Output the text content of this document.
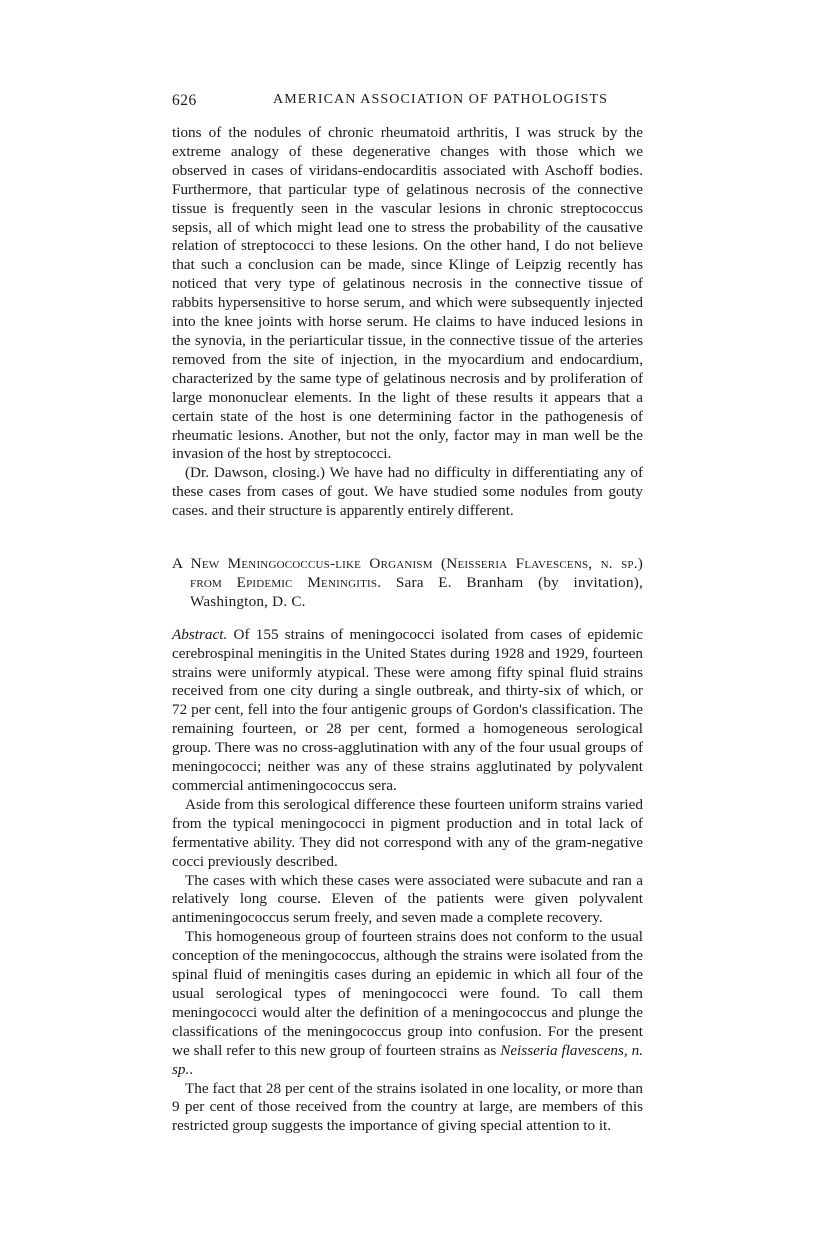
626	AMERICAN ASSOCIATION OF PATHOLOGISTS

tions of the nodules of chronic rheumatoid arthritis, I was struck by the extreme analogy of these degenerative changes with those which we observed in cases of viridans-endocarditis associated with Aschoff bodies. Furthermore, that particular type of gelatinous necrosis of the connective tissue is frequently seen in the vascular lesions in chronic streptococcus sepsis, all of which might lead one to stress the probability of the causative relation of streptococci to these lesions. On the other hand, I do not believe that such a conclusion can be made, since Klinge of Leipzig recently has noticed that very type of gelatinous necrosis in the connective tissue of rabbits hypersensitive to horse serum, and which were subsequently injected into the knee joints with horse serum. He claims to have induced lesions in the synovia, in the periarticular tissue, in the connective tissue of the arteries removed from the site of injection, in the myocardium and endocardium, characterized by the same type of gelatinous necrosis and by proliferation of large mononuclear elements. In the light of these results it appears that a certain state of the host is one determining factor in the pathogenesis of rheumatic lesions. Another, but not the only, factor may in man well be the invasion of the host by streptococci.

(Dr. Dawson, closing.) We have had no difficulty in differentiating any of these cases from cases of gout. We have studied some nodules from gouty cases. and their structure is apparently entirely different.

A New Meningococcus-like Organism (Neisseria Flavescens, n. sp.) from Epidemic Meningitis. Sara E. Branham (by invitation), Washington, D. C.

Abstract. Of 155 strains of meningococci isolated from cases of epidemic cerebrospinal meningitis in the United States during 1928 and 1929, fourteen strains were uniformly atypical. These were among fifty spinal fluid strains received from one city during a single outbreak, and thirty-six of which, or 72 per cent, fell into the four antigenic groups of Gordon's classification. The remaining fourteen, or 28 per cent, formed a homogeneous serological group. There was no cross-agglutination with any of the four usual groups of meningococci; neither was any of these strains agglutinated by polyvalent commercial antimeningococcus sera.

Aside from this serological difference these fourteen uniform strains varied from the typical meningococci in pigment production and in total lack of fermentative ability. They did not correspond with any of the gram-negative cocci previously described.

The cases with which these cases were associated were subacute and ran a relatively long course. Eleven of the patients were given polyvalent antimeningococcus serum freely, and seven made a complete recovery.

This homogeneous group of fourteen strains does not conform to the usual conception of the meningococcus, although the strains were isolated from the spinal fluid of meningitis cases during an epidemic in which all four of the usual serological types of meningococci were found. To call them meningococci would alter the definition of a meningococcus and plunge the classifications of the meningococcus group into confusion. For the present we shall refer to this new group of fourteen strains as Neisseria flavescens, n. sp..

The fact that 28 per cent of the strains isolated in one locality, or more than 9 per cent of those received from the country at large, are members of this restricted group suggests the importance of giving special attention to it.
